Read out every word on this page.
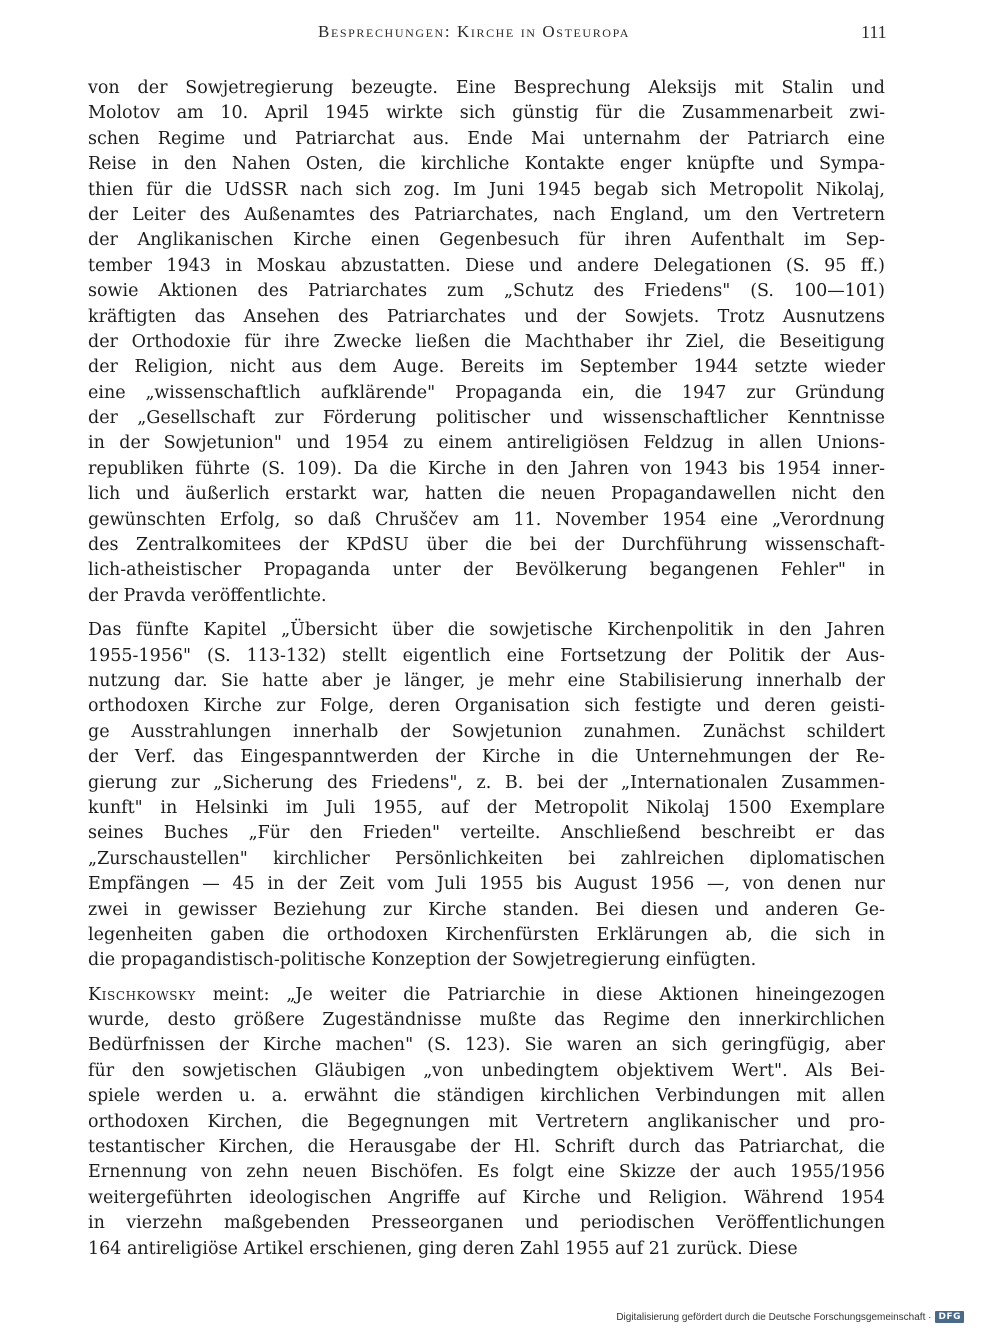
Besprechungen: Kirche in Osteuropa	111
von der Sowjetregierung bezeugte. Eine Besprechung Aleksijs mit Stalin und
Molotov am 10. April 1945 wirkte sich günstig für die Zusammenarbeit zwi-
schen Regime und Patriarchat aus. Ende Mai unternahm der Patriarch eine
Reise in den Nahen Osten, die kirchliche Kontakte enger knüpfte und Sympa-
thien für die UdSSR nach sich zog. Im Juni 1945 begab sich Metropolit Nikolaj,
der Leiter des Außenamtes des Patriarchates, nach England, um den Vertretern
der Anglikanischen Kirche einen Gegenbesuch für ihren Aufenthalt im Sep-
tember 1943 in Moskau abzustatten. Diese und andere Delegationen (S. 95 ff.)
sowie Aktionen des Patriarchates zum „Schutz des Friedens" (S. 100—101)
kräftigten das Ansehen des Patriarchates und der Sowjets. Trotz Ausnutzens
der Orthodoxie für ihre Zwecke ließen die Machthaber ihr Ziel, die Beseitigung
der Religion, nicht aus dem Auge. Bereits im September 1944 setzte wieder
eine „wissenschaftlich aufklärende" Propaganda ein, die 1947 zur Gründung
der „Gesellschaft zur Förderung politischer und wissenschaftlicher Kenntnisse
in der Sowjetunion" und 1954 zu einem antireligiösen Feldzug in allen Unions-
republiken führte (S. 109). Da die Kirche in den Jahren von 1943 bis 1954 inner-
lich und äußerlich erstarkt war, hatten die neuen Propagandawellen nicht den
gewünschten Erfolg, so daß Chruščev am 11. November 1954 eine „Verordnung
des Zentralkomitees der KPdSU über die bei der Durchführung wissenschaft-
lich-atheistischer Propaganda unter der Bevölkerung begangenen Fehler" in
der Pravda veröffentlichte.
Das fünfte Kapitel „Übersicht über die sowjetische Kirchenpolitik in den Jahren
1955-1956" (S. 113-132) stellt eigentlich eine Fortsetzung der Politik der Aus-
nutzung dar. Sie hatte aber je länger, je mehr eine Stabilisierung innerhalb der
orthodoxen Kirche zur Folge, deren Organisation sich festigte und deren geisti-
ge Ausstrahlungen innerhalb der Sowjetunion zunahmen. Zunächst schildert
der Verf. das Eingespanntwerden der Kirche in die Unternehmungen der Re-
gierung zur „Sicherung des Friedens", z. B. bei der „Internationalen Zusammen-
kunft" in Helsinki im Juli 1955, auf der Metropolit Nikolaj 1500 Exemplare
seines Buches „Für den Frieden" verteilte. Anschließend beschreibt er das
„Zurschaustellen" kirchlicher Persönlichkeiten bei zahlreichen diplomatischen
Empfängen — 45 in der Zeit vom Juli 1955 bis August 1956 —, von denen nur
zwei in gewisser Beziehung zur Kirche standen. Bei diesen und anderen Ge-
legenheiten gaben die orthodoxen Kirchenfürsten Erklärungen ab, die sich in
die propagandistisch-politische Konzeption der Sowjetregierung einfügten.
Kischkowsky meint: „Je weiter die Patriarchie in diese Aktionen hineingezogen
wurde, desto größere Zugeständnisse mußte das Regime den innerkirchlichen
Bedürfnissen der Kirche machen" (S. 123). Sie waren an sich geringfügig, aber
für den sowjetischen Gläubigen „von unbedingtem objektivem Wert". Als Bei-
spiele werden u. a. erwähnt die ständigen kirchlichen Verbindungen mit allen
orthodoxen Kirchen, die Begegnungen mit Vertretern anglikanischer und pro-
testantischer Kirchen, die Herausgabe der Hl. Schrift durch das Patriarchat, die
Ernennung von zehn neuen Bischöfen. Es folgt eine Skizze der auch 1955/1956
weitergeführten ideologischen Angriffe auf Kirche und Religion. Während 1954
in vierzehn maßgebenden Presseorganen und periodischen Veröffentlichungen
164 antireligiöse Artikel erschienen, ging deren Zahl 1955 auf 21 zurück. Diese
Digitalisierung gefördert durch die Deutsche Forschungsgemeinschaft · DFG
